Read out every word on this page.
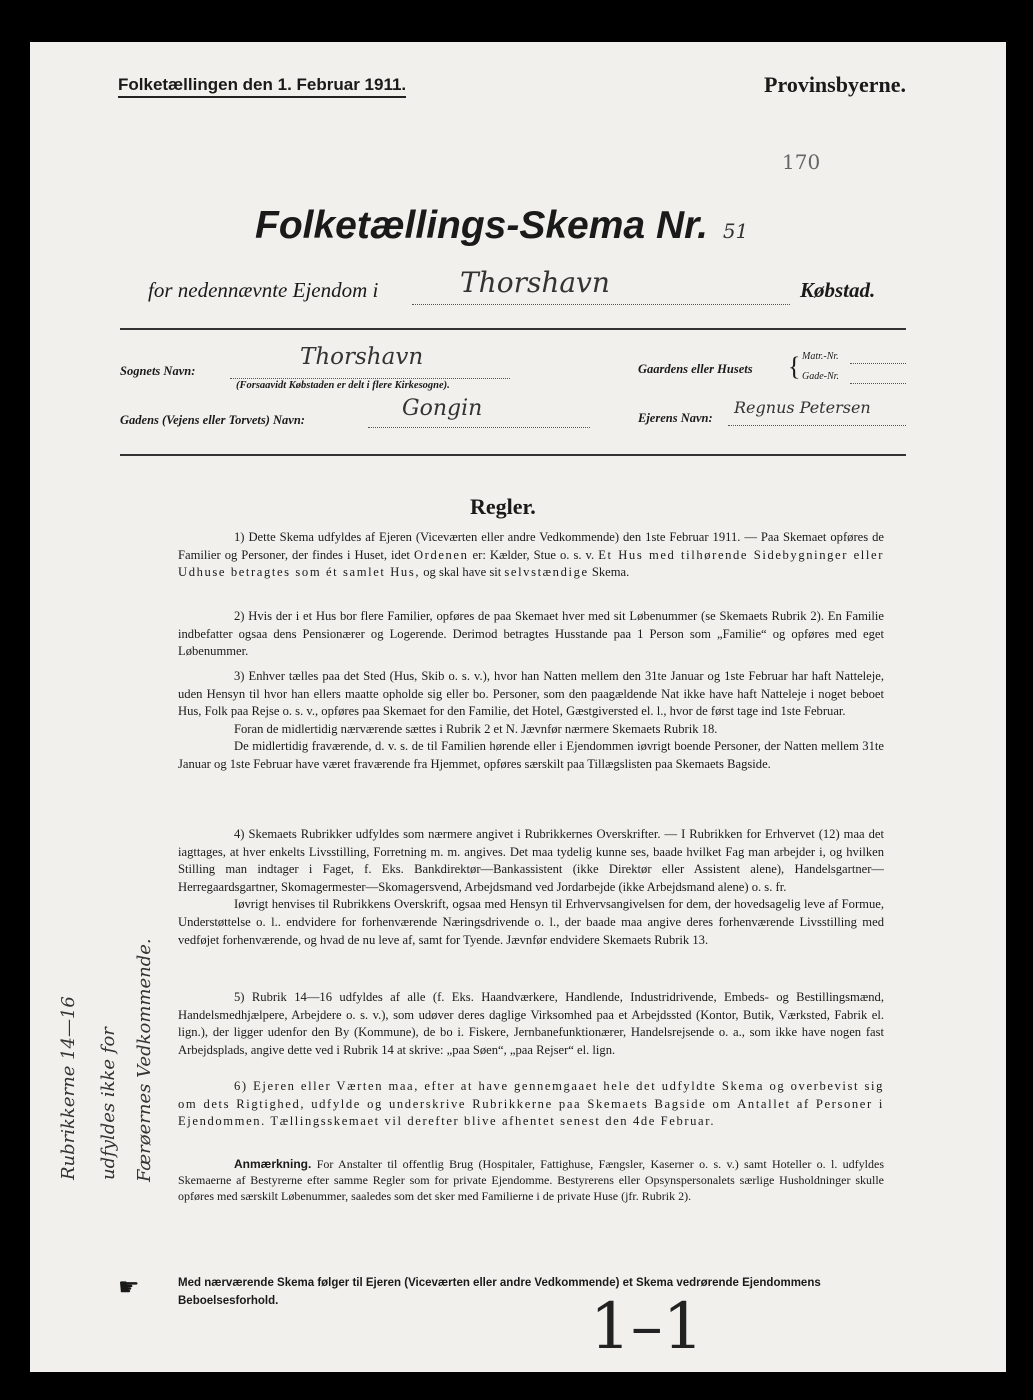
Folketællingen den 1. Februar 1911.	Provinsbyerne.
170
Folketællings-Skema Nr. 51
for nedennævnte Ejendom i	Thorshavn	Købstad.
Sognets Navn:
Thorshavn
(Forsaavidt Købstaden er delt i flere Kirkesogne).
Gaardens eller Husets { Matr.-Nr.
Gade-Nr.
Gadens (Vejens eller Torvets) Navn:	Gongin	Ejerens Navn:
Regnus Petersen
Regler.

1) Dette Skema udfyldes af Ejeren (Viceværten eller andre Vedkommende) den 1ste Februar 1911. — Paa Skemaet opføres de Familier og Personer, der findes i Huset, idet Ordenen er: Kælder, Stue o. s. v. Et Hus med tilhørende Sidebygninger eller Udhuse betragtes som ét samlet Hus, og skal have sit selvstændige Skema.

2) Hvis der i et Hus bor flere Familier, opføres de paa Skemaet hver med sit Løbenummer (se Skemaets Rubrik 2). En Familie indbefatter ogsaa dens Pensionærer og Logerende. Derimod betragtes Husstande paa 1 Person som „Familie“ og opføres med eget Løbenummer.

3) Enhver tælles paa det Sted (Hus, Skib o. s. v.), hvor han Natten mellem den 31te Januar og 1ste Februar har haft Natteleje, uden Hensyn til hvor han ellers maatte opholde sig eller bo. Personer, som den paagældende Nat ikke have haft Natteleje i noget beboet Hus, Folk paa Rejse o. s. v., opføres paa Skemaet for den Familie, det Hotel, Gæstgiversted el. l., hvor de først tage ind 1ste Februar.

Foran de midlertidig nærværende sættes i Rubrik 2 et N. Jævnfør nærmere Skemaets Rubrik 18.

De midlertidig fraværende, d. v. s. de til Familien hørende eller i Ejendommen iøvrigt boende Personer, der Natten mellem 31te Januar og 1ste Februar have været fraværende fra Hjemmet, opføres særskilt paa Tillægslisten paa Skemaets Bagside.

4) Skemaets Rubrikker udfyldes som nærmere angivet i Rubrikkernes Overskrifter. — I Rubrikken for Erhvervet (12) maa det iagttages, at hver enkelts Livsstilling, Forretning m. m. angives. Det maa tydelig kunne ses, baade hvilket Fag man arbejder i, og hvilken Stilling man indtager i Faget, f. Eks. Bankdirektør—Bankassistent (ikke Direktør eller Assistent alene), Handelsgartner—Herregaardsgartner, Skomagermester—Skomagersvend, Arbejdsmand ved Jordarbejde (ikke Arbejdsmand alene) o. s. fr.

Iøvrigt henvises til Rubrikkens Overskrift, ogsaa med Hensyn til Erhvervsangivelsen for dem, der hovedsagelig leve af Formue, Understøttelse o. l.. endvidere for forhenværende Næringsdrivende o. l., der baade maa angive deres forhenværende Livsstilling med vedføjet forhenværende, og hvad de nu leve af, samt for Tyende. Jævnfør endvidere Skemaets Rubrik 13.

5) Rubrik 14—16 udfyldes af alle (f. Eks. Haandværkere, Handlende, Industridrivende, Embeds- og Bestillingsmænd, Handelsmedhjælpere, Arbejdere o. s. v.), som udøver deres daglige Virksomhed paa et Arbejdssted (Kontor, Butik, Værksted, Fabrik el. lign.), der ligger udenfor den By (Kommune), de bo i. Fiskere, Jernbanefunktionærer, Handelsrejsende o. a., som ikke have nogen fast Arbejdsplads, angive dette ved i Rubrik 14 at skrive: „paa Søen“, „paa Rejser“ el. lign.

6) Ejeren eller Værten maa, efter at have gennemgaaet hele det udfyldte Skema og overbevist sig om dets Rigtighed, udfylde og underskrive Rubrikkerne paa Skemaets Bagside om Antallet af Personer i Ejendommen. Tællingsskemaet vil derefter blive afhentet senest den 4de Februar.

Anmærkning. For Anstalter til offentlig Brug (Hospitaler, Fattighuse, Fængsler, Kaserner o. s. v.) samt Hoteller o. l. udfyldes Skemaerne af Bestyrerne efter samme Regler som for private Ejendomme. Bestyrerens eller Opsynspersonalets særlige Husholdninger skulle opføres med særskilt Løbenummer, saaledes som det sker med Familierne i de private Huse (jfr. Rubrik 2).

☛	Med nærværende Skema følger til Ejeren (Viceværten eller andre Vedkommende) et Skema vedrørende Ejendommens Beboelsesforhold.	1–1
Rubrikkerne 14—16 udfyldes ikke for Færøernes Vedkommende.
